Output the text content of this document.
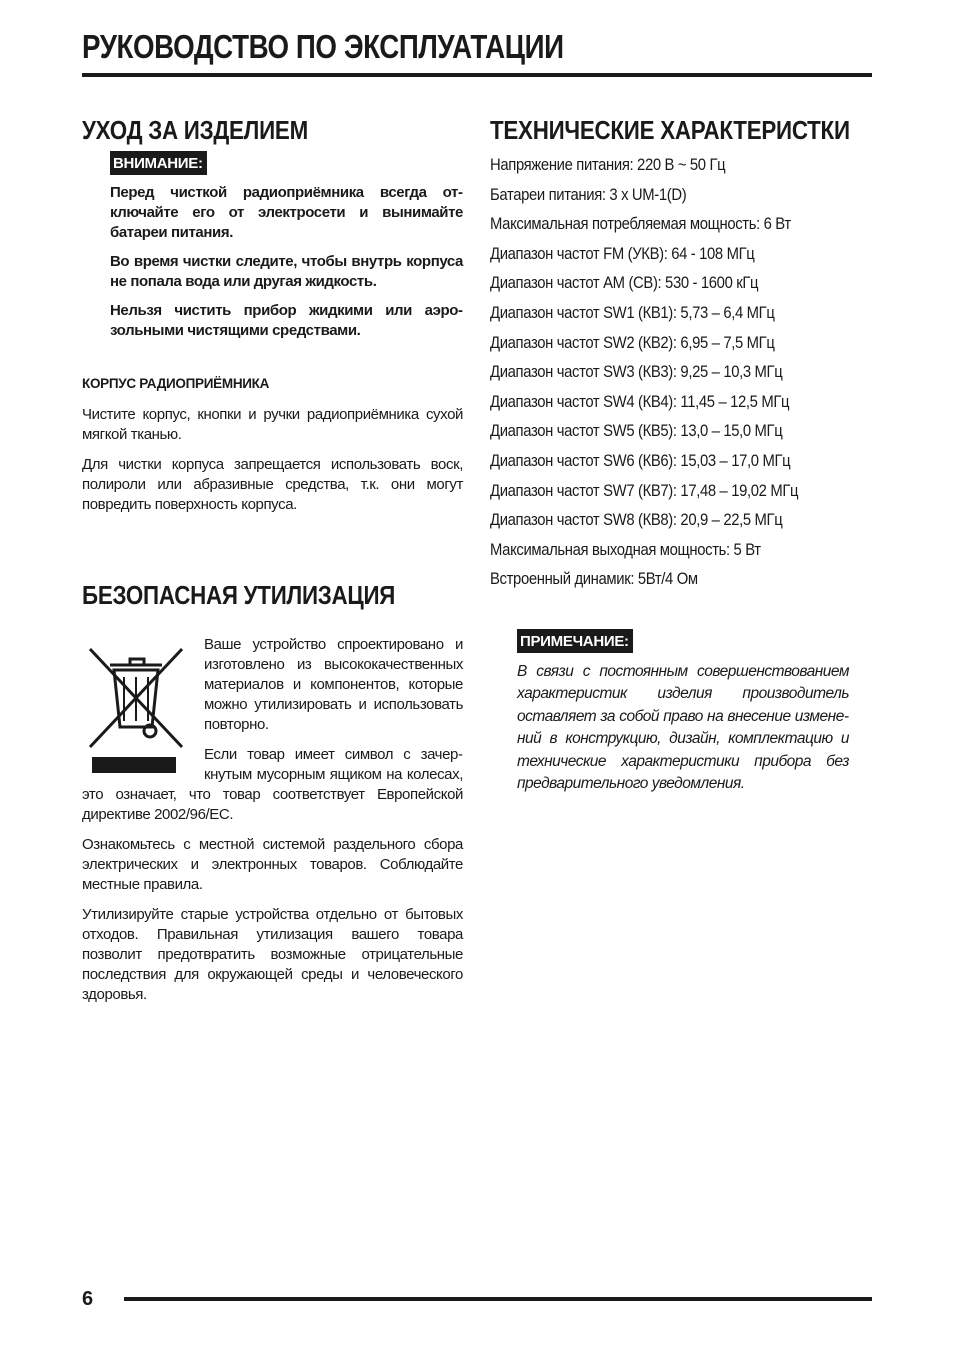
РУКОВОДСТВО ПО ЭКСПЛУАТАЦИИ
УХОД ЗА ИЗДЕЛИЕМ
ВНИМАНИЕ:

Перед чисткой радиоприёмника всегда отключайте его от электросети и вынимайте батареи питания.

Во время чистки следите, чтобы внутрь корпуса не попала вода или другая жидкость.

Нельзя чистить прибор жидкими или аэрозольными чистящими средствами.

КОРПУС РАДИОПРИЁМНИКА

Чистите корпус, кнопки и ручки радиоприёмника сухой мягкой тканью.

Для чистки корпуса запрещается использовать воск, полироли или абразивные средства, т.к. они могут повредить поверхность корпуса.

БЕЗОПАСНАЯ УТИЛИЗАЦИЯ

Ваше устройство спроектировано и изготовлено из высококачественных материалов и компонентов, которые можно утилизировать и использовать повторно.

Если товар имеет символ с зачеркнутым мусорным ящиком на колесах, это означает, что товар соответствует Европейской директиве 2002/96/EC.

Ознакомьтесь с местной системой раздельного сбора электрических и электронных товаров. Соблюдайте местные правила.

Утилизируйте старые устройства отдельно от бытовых отходов. Правильная утилизация вашего товара позволит предотвратить возможные отрицательные последствия для окружающей среды и человеческого здоровья.

ТЕХНИЧЕСКИЕ ХАРАКТЕРИСТКИ
Напряжение питания: 220 В ~ 50 Гц
Батареи питания: 3 x UM-1(D)
Максимальная потребляемая мощность: 6 Вт
Диапазон частот FM (УКВ): 64 - 108 МГц
Диапазон частот AM (СВ): 530 - 1600 кГц
Диапазон частот SW1 (КВ1): 5,73 – 6,4 МГц
Диапазон частот SW2 (КВ2): 6,95 – 7,5 МГц
Диапазон частот SW3 (КВ3): 9,25 – 10,3 МГц
Диапазон частот SW4 (КВ4): 11,45 – 12,5 МГц
Диапазон частот SW5 (КВ5): 13,0 – 15,0 МГц
Диапазон частот SW6 (КВ6): 15,03 – 17,0 МГц
Диапазон частот SW7 (КВ7): 17,48 – 19,02 МГц
Диапазон частот SW8 (КВ8): 20,9 – 22,5 МГц
Максимальная выходная мощность: 5 Вт
Встроенный динамик: 5Вт/4 Ом
ПРИМЕЧАНИЕ:

В связи с постоянным совершенствованием характеристик изделия производитель оставляет за собой право на внесение изменений в конструкцию, дизайн, комплектацию и технические характеристики прибора без предварительного уведомления.

6
